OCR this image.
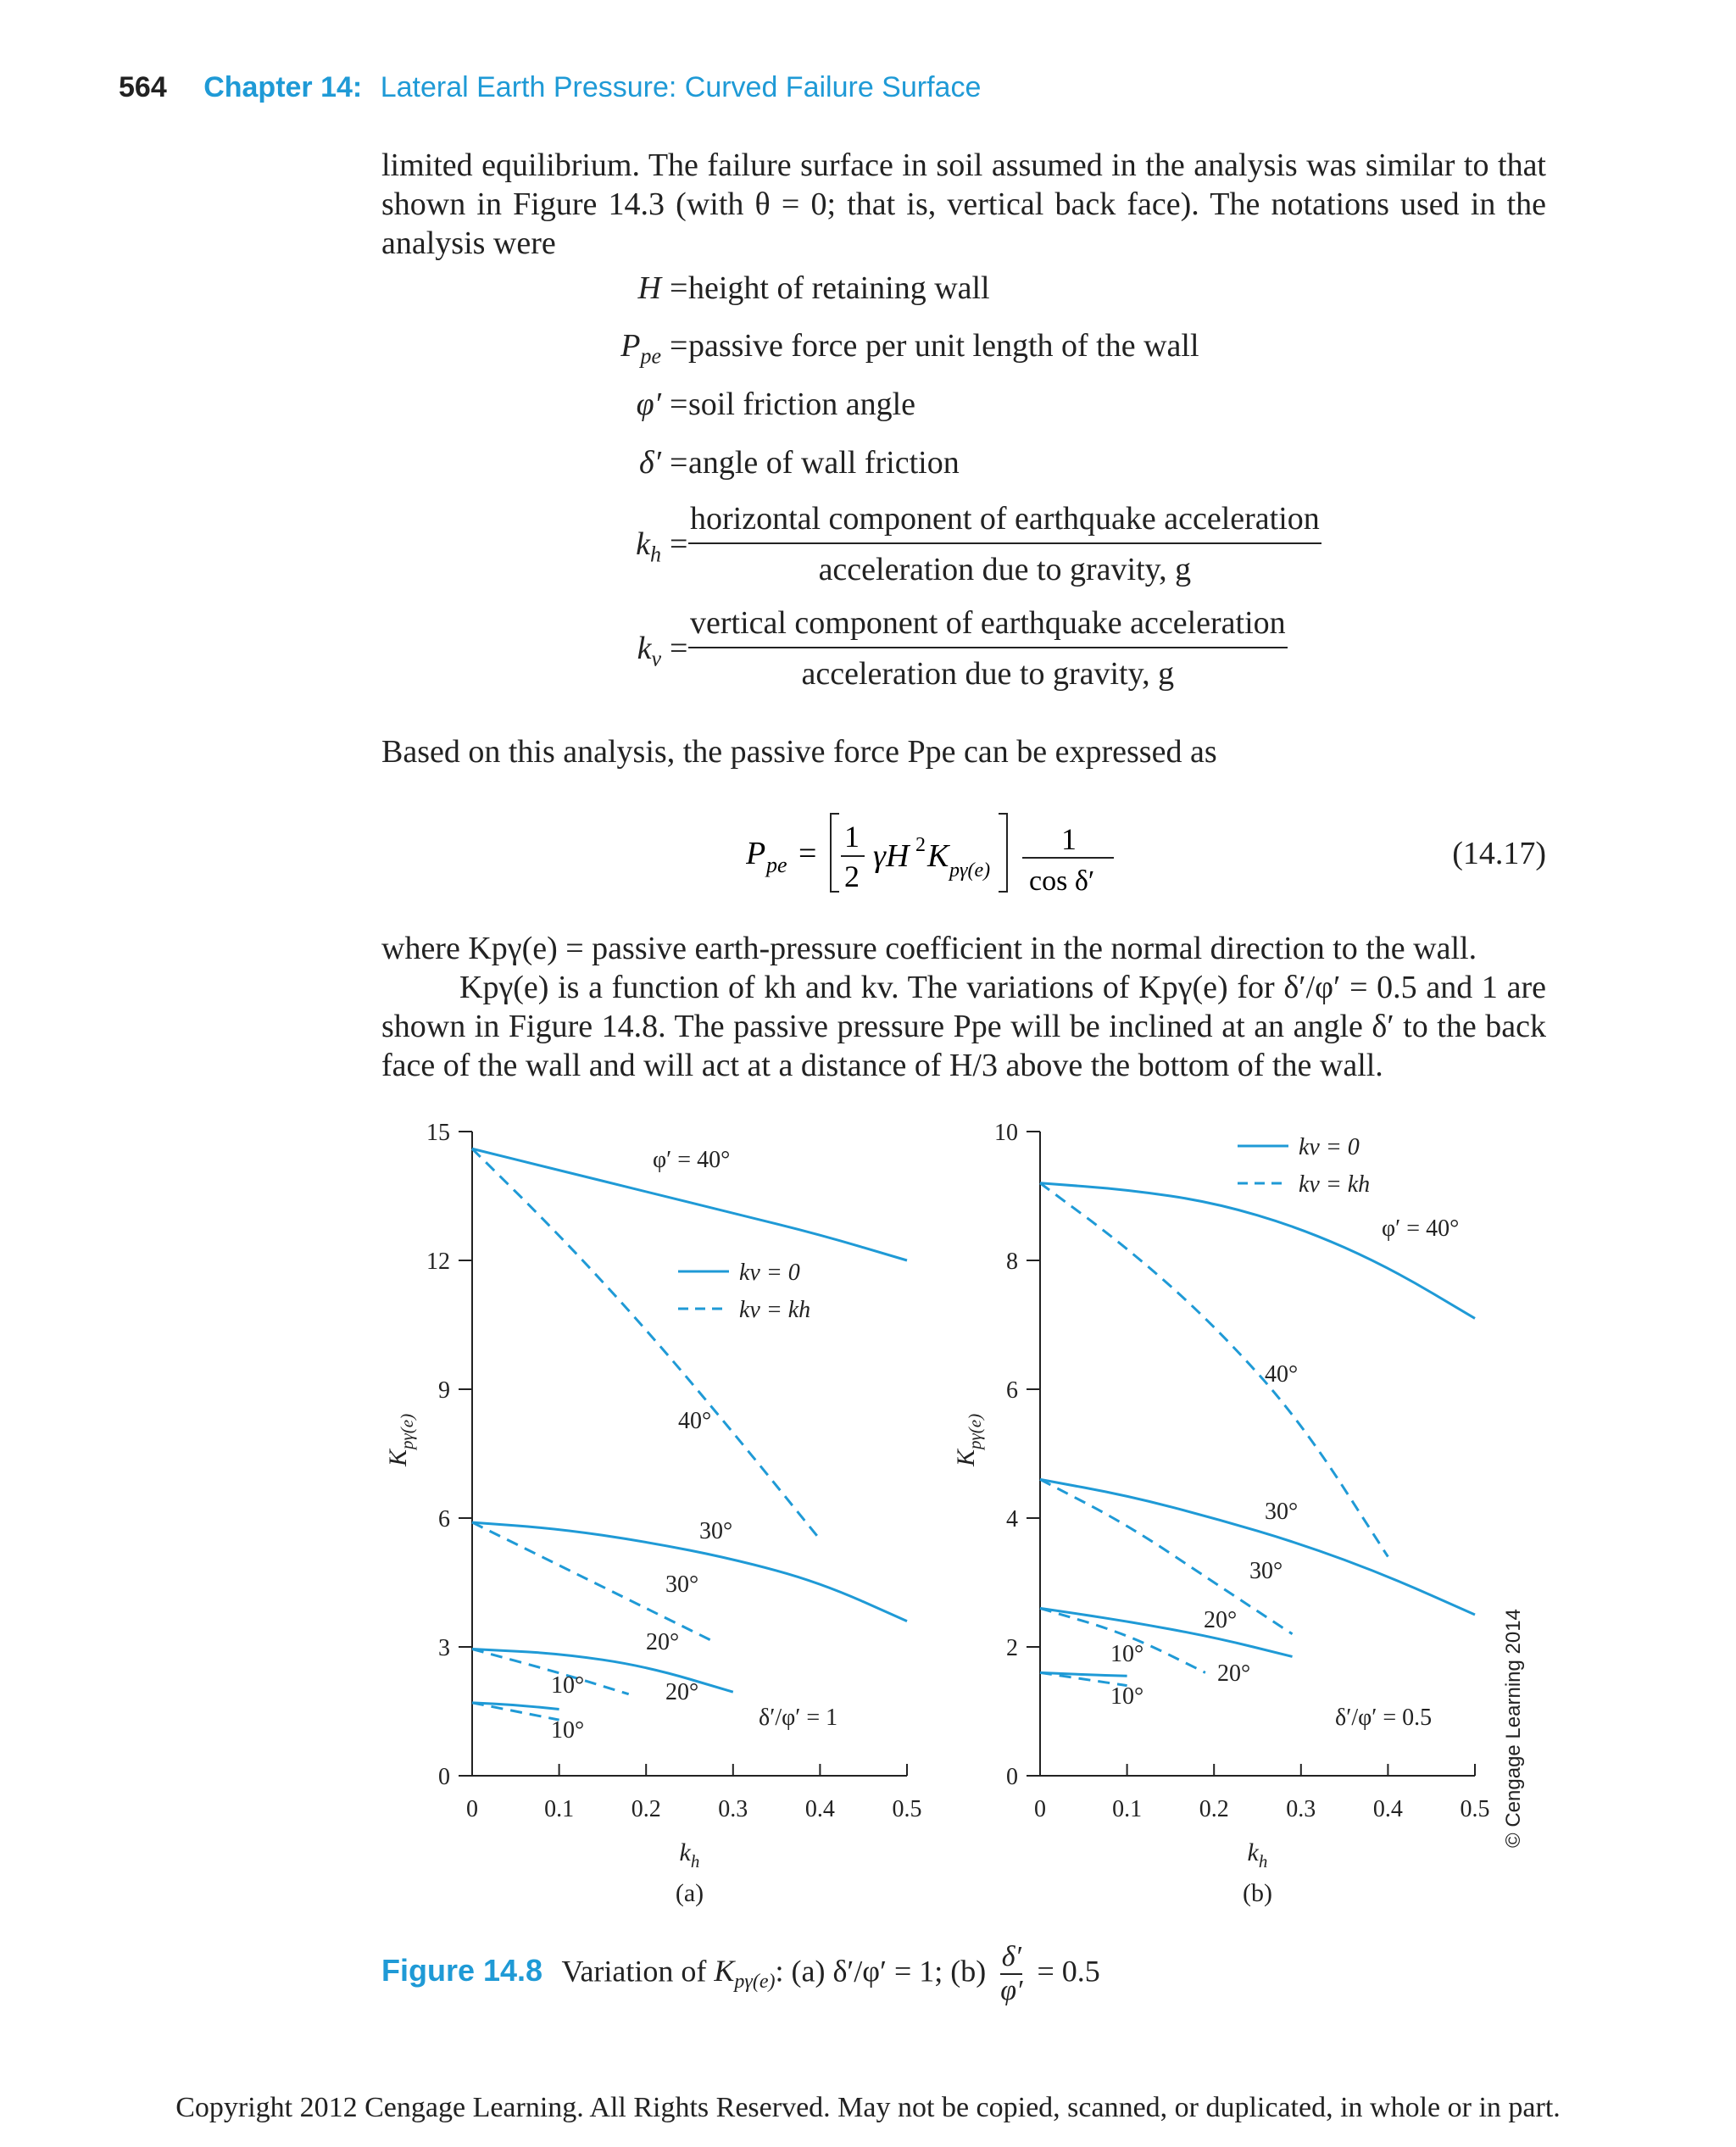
564 Chapter 14: Lateral Earth Pressure: Curved Failure Surface
limited equilibrium. The failure surface in soil assumed in the analysis was similar to that shown in Figure 14.3 (with θ = 0; that is, vertical back face). The notations used in the analysis were
H = height of retaining wall
$P_{pe}$ = passive force per unit length of the wall
φ′ = soil friction angle
δ′ = angle of wall friction
$k_h$ =
horizontal component of earthquake acceleration
acceleration due to gravity, g
$k_v$ =
vertical component of earthquake acceleration
acceleration due to gravity, g
Based on this analysis, the passive force Ppe can be expressed as
P pe = 1
2
γH 2 K pγ(e)
1
cos δ′
(14.17)
where Kpγ(e) = passive earth-pressure coefficient in the normal direction to the wall.
Kpγ(e) is a function of kh and kv. The variations of Kpγ(e) for δ′/φ′ = 0.5 and 1 are shown in Figure 14.8. The passive pressure Ppe will be inclined at an angle δ′ to the back face of the wall and will act at a distance of H/3 above the bottom of the wall.
0
3
6
9
12
15
0	0.1 0.2 0.3 0.4 0.5
$k_h$
$K_{p\gamma(e)}$
(a)
φ′ = 40°
40°
30°
30°
20°
20°
10°
10°
kv = 0
kv = kh
δ′/φ′ = 1
0
2
4
6
8
10
0	0.1 0.2 0.3 0.4 0.5
$k_h$
$K_{p\gamma(e)}$
(b)
φ′ = 40°
40°
30°
30°
20°
20°
10°
10°
kv = 0
kv = kh
δ′/φ′ = 0.5
Figure 14.8 Variation of $K_{p\gamma(e)}$: (a) δ′/φ′ = 1; $(b) \frac{\delta'}{\varphi'} = 0.5$
© Cengage Learning 2014
Copyright 2012 Cengage Learning. All Rights Reserved. May not be copied, scanned, or duplicated, in whole or in part.
